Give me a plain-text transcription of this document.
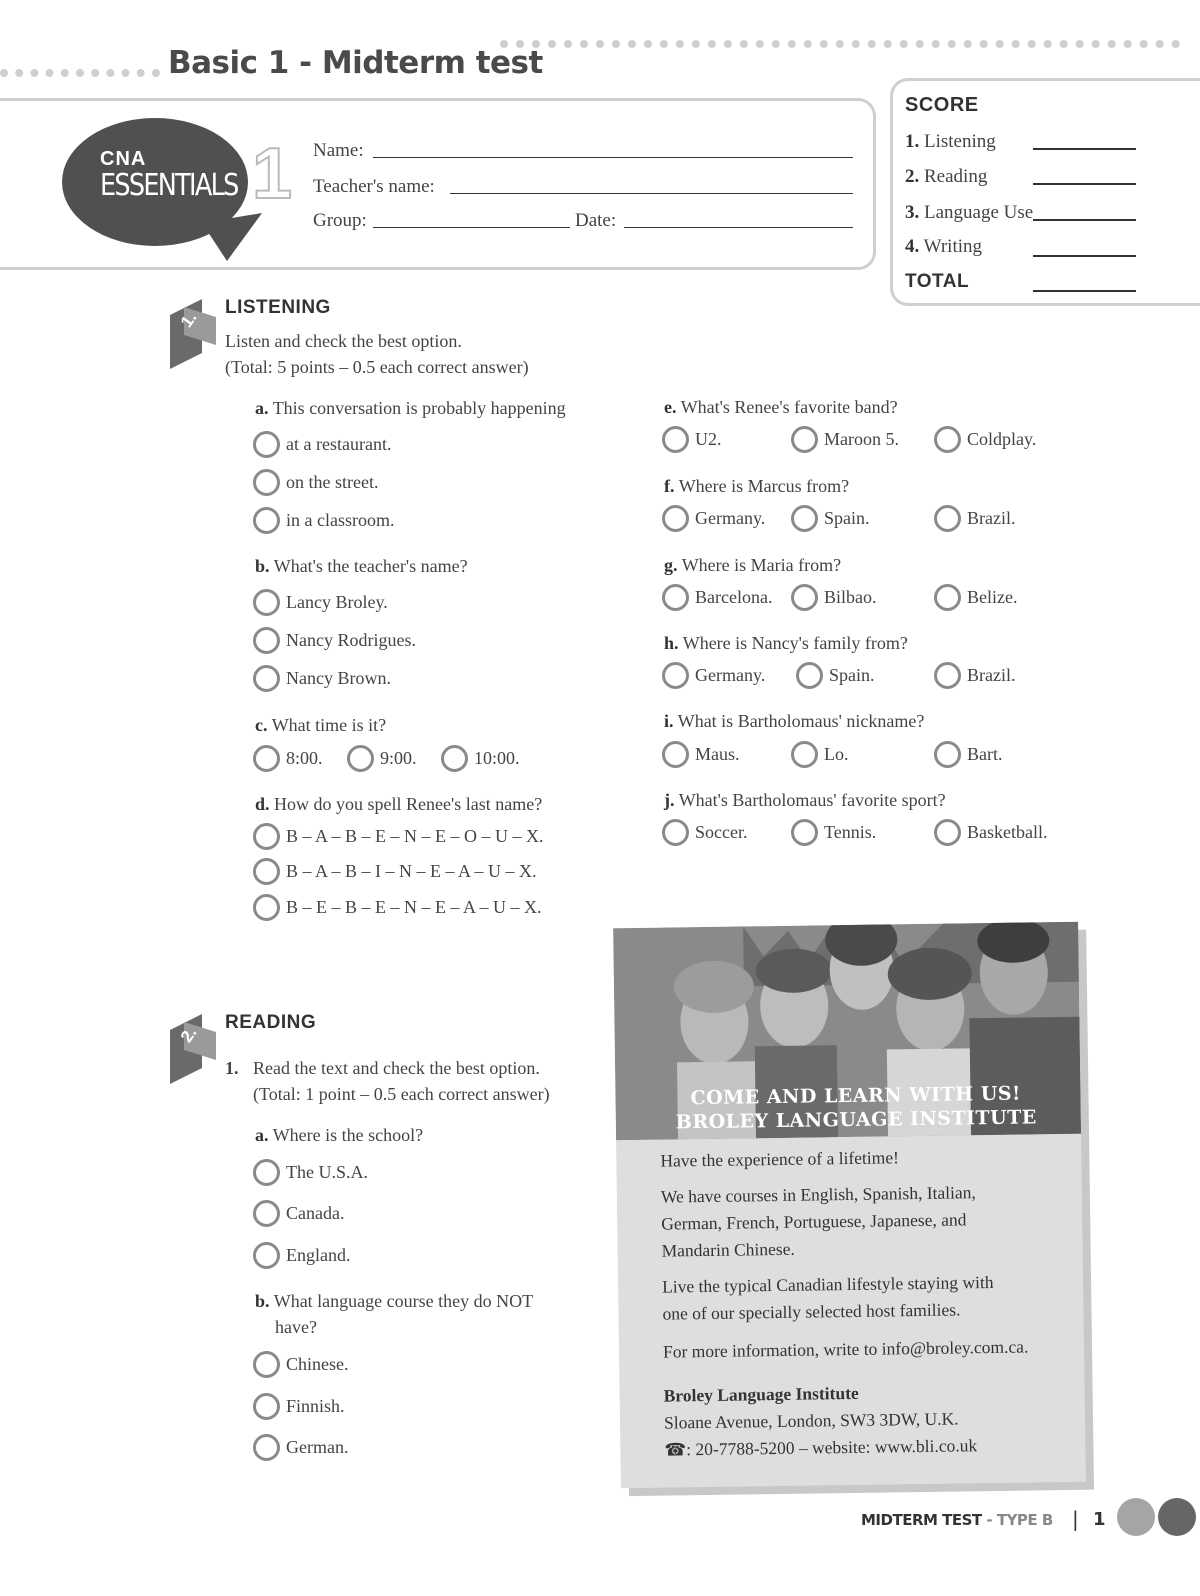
Basic 1 - Midterm test
CNA
ESSENTIALS 1 Name:
Teacher's name:
Group:	Date:
SCORE
1. Listening
2. Reading
3. Language Use
4. Writing
TOTAL
1.
LISTENING
Listen and check the best option.
(Total: 5 points – 0.5 each correct answer)
a. This conversation is probably happening
at a restaurant.
on the street.
in a classroom.
b. What's the teacher's name?
Lancy Broley.
Nancy Rodrigues.
Nancy Brown.
c. What time is it?
8:00.	9:00.	10:00.
d. How do you spell Renee's last name?
B – A – B – E – N – E – O – U – X.
B – A – B – I – N – E – A – U – X.
B – E – B – E – N – E – A – U – X.
e. What's Renee's favorite band?
U2.	Maroon 5.	Coldplay.
f. Where is Marcus from?
Germany.	Spain.	Brazil.
g. Where is Maria from?
Barcelona.	Bilbao.	Belize.
h. Where is Nancy's family from?
Germany.	Spain.	Brazil.
i. What is Bartholomaus' nickname?
Maus.	Lo.	Bart.
j. What's Bartholomaus' favorite sport?
Soccer.	Tennis.	Basketball.
2.
READING
1. Read the text and check the best option.
(Total: 1 point – 0.5 each correct answer)
a. Where is the school?
The U.S.A.
Canada.
England.
b. What language course they do NOT
have?
Chinese.
Finnish.
German.
COME AND LEARN WITH US!
BROLEY LANGUAGE INSTITUTE
Have the experience of a lifetime!
We have courses in English, Spanish, Italian,
German, French, Portuguese, Japanese, and
Mandarin Chinese.
Live the typical Canadian lifestyle staying with
one of our specially selected host families.
For more information, write to info@broley.com.ca.
Broley Language Institute
Sloane Avenue, London, SW3 3DW, U.K.
☎: 20-7788-5200 – website: www.bli.co.uk
MIDTERM TEST - TYPE B | 1
